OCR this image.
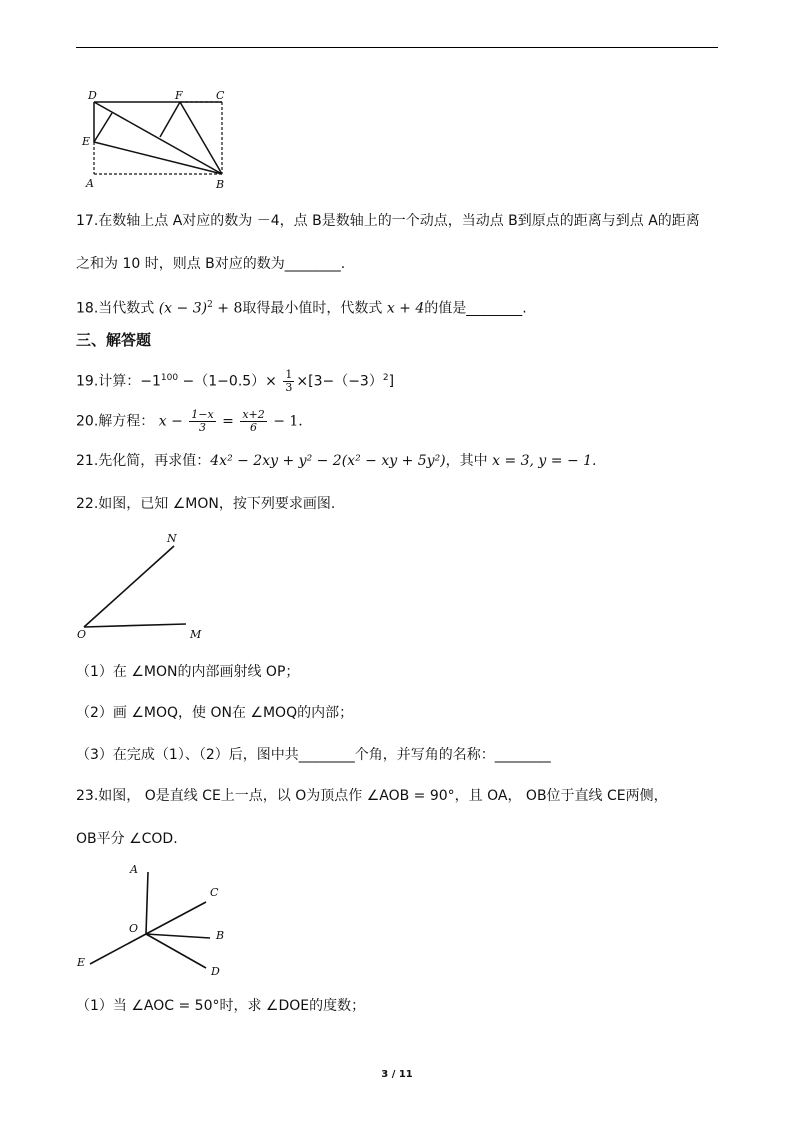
D	F	C
E
A	B
17.在数轴上点 A对应的数为 －4，点 B是数轴上的一个动点，当动点 B到原点的距离与到点 A的距离
之和为 10 时，则点 B对应的数为________.
18.当代数式 $(x - 3)^2 + 8$取得最小值时，代数式 x + 4的值是________.
三、解答题
19.计算：$-1^{100} -(1-0.5)\times \frac{1}{3} \times[3-(-3)^2]$
20.解方程： $x - \frac{1-x}{3} = \frac{x+2}{6} - 1$.
21.先化简，再求值：4x² − 2xy + y² − 2(x² − xy + 5y²)，其中 x = 3, y = − 1.
22.如图，已知 ∠MON，按下列要求画图.
N
O	M
（1）在 ∠MON的内部画射线 OP；
（2）画 ∠MOQ，使 ON在 ∠MOQ的内部；
（3）在完成（1）、（2）后，图中共________个角，并写角的名称：________
23.如图， O是直线 CE上一点，以 O为顶点作 ∠AOB = 90°，且 OA， OB位于直线 CE两侧，
OB平分 ∠COD.
A
C
O
B
E
D
（1）当 ∠AOC = 50°时，求 ∠DOE的度数；
3 / 11
